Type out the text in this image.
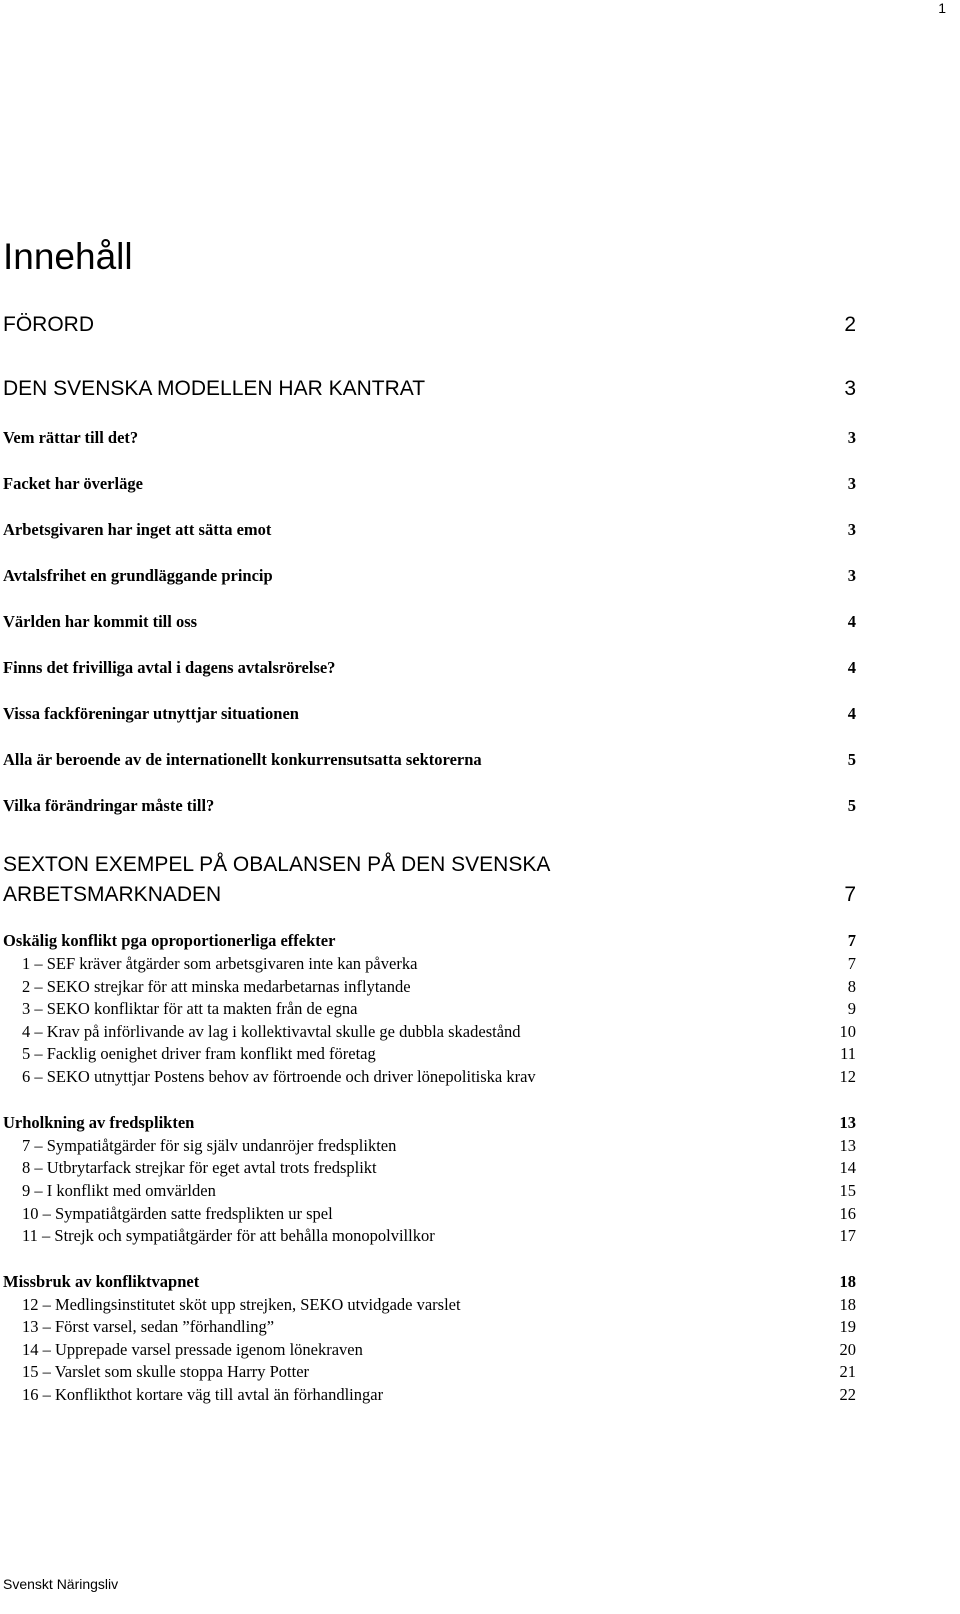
1
Innehåll
FÖRORD	2
DEN SVENSKA MODELLEN HAR KANTRAT	3
Vem rättar till det?	3
Facket har överläge	3
Arbetsgivaren har inget att sätta emot	3
Avtalsfrihet en grundläggande princip	3
Världen har kommit till oss	4
Finns det frivilliga avtal i dagens avtalsrörelse?	4
Vissa fackföreningar utnyttjar situationen	4
Alla är beroende av de internationellt konkurrensutsatta sektorerna	5
Vilka förändringar måste till?	5
SEXTON EXEMPEL PÅ OBALANSEN PÅ DEN SVENSKA
ARBETSMARKNADEN	7
Oskälig konflikt pga oproportionerliga effekter	7
1 – SEF kräver åtgärder som arbetsgivaren inte kan påverka	7
2 – SEKO strejkar för att minska medarbetarnas inflytande	8
3 – SEKO konfliktar för att ta makten från de egna	9
4 – Krav på införlivande av lag i kollektivavtal skulle ge dubbla skadestånd	10
5 – Facklig oenighet driver fram konflikt med företag	11
6 – SEKO utnyttjar Postens behov av förtroende och driver lönepolitiska krav	12
Urholkning av fredsplikten	13
7 – Sympatiåtgärder för sig själv undanröjer fredsplikten	13
8 – Utbrytarfack strejkar för eget avtal trots fredsplikt	14
9 – I konflikt med omvärlden	15
10 – Sympatiåtgärden satte fredsplikten ur spel	16
11 – Strejk och sympatiåtgärder för att behålla monopolvillkor	17
Missbruk av konfliktvapnet	18
12 – Medlingsinstitutet sköt upp strejken, SEKO utvidgade varslet	18
13 – Först varsel, sedan ”förhandling”	19
14 – Upprepade varsel pressade igenom lönekraven	20
15 – Varslet som skulle stoppa Harry Potter	21
16 – Konflikthot kortare väg till avtal än förhandlingar	22
Svenskt Näringsliv
